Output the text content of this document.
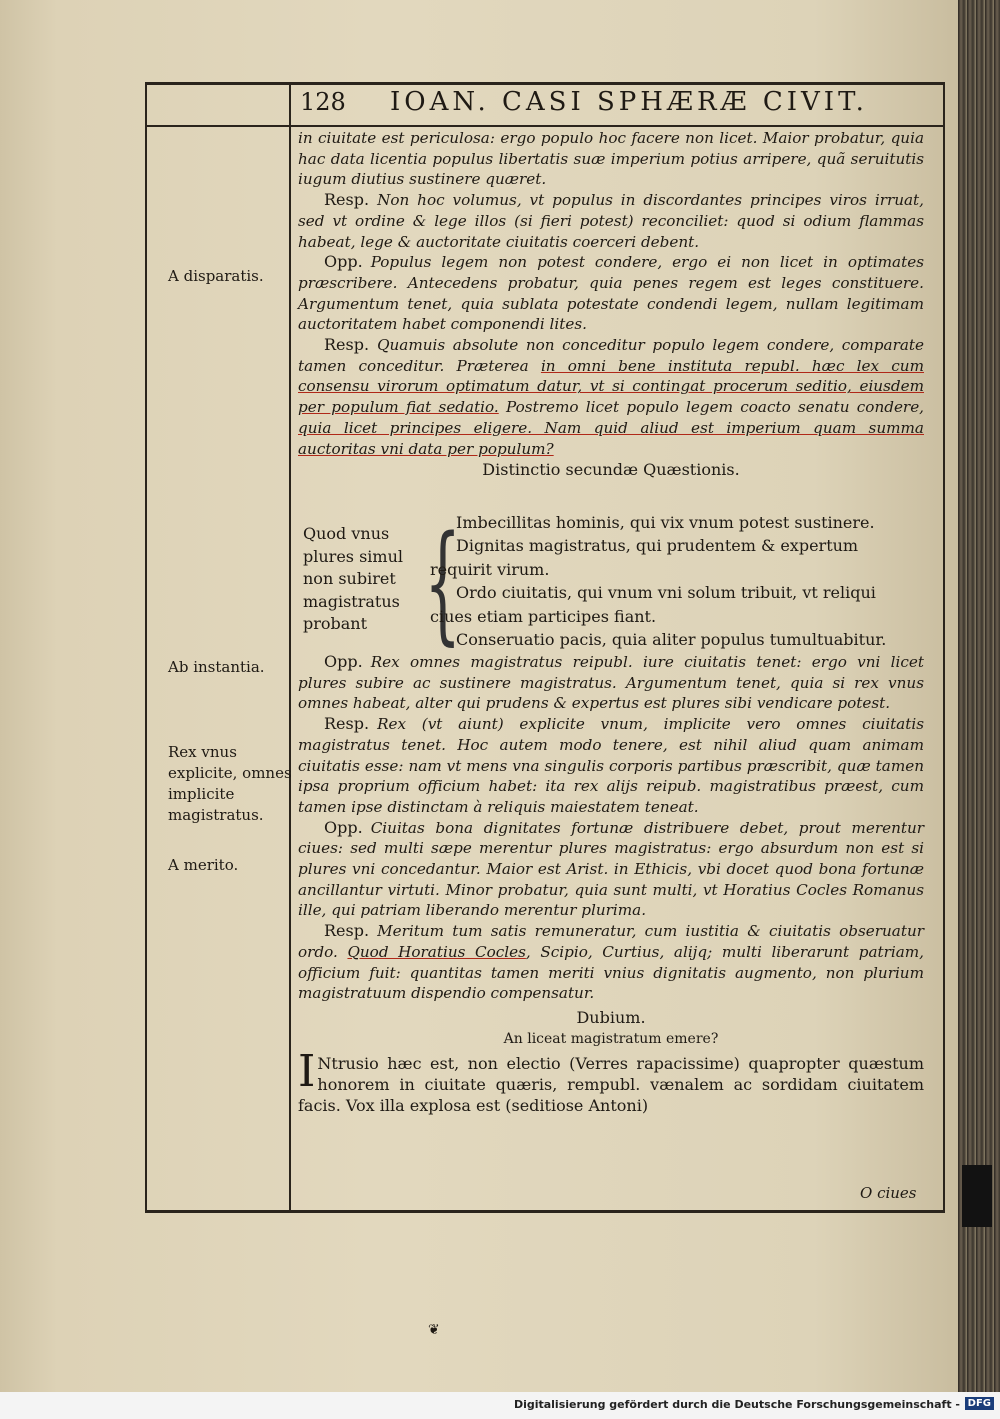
128 IOAN. CASI SPHÆRÆ CIVIT.
A disparatis.
Ab instantia.
Rex vnus explicite, omnes implicite magistratus.
A merito.

in ciuitate est periculosa: ergo populo hoc facere non licet. Maior probatur, quia hac data licentia populus libertatis suæ imperium potius arripere, quã seruitutis iugum diutius sustinere quæret.

Resp. Non hoc volumus, vt populus in discordantes principes viros irruat, sed vt ordine & lege illos (si fieri potest) reconciliet: quod si odium flammas habeat, lege & auctoritate ciuitatis coerceri debent.

Opp. Populus legem non potest condere, ergo ei non licet in optimates præscribere. Antecedens probatur, quia penes regem est leges constituere. Argumentum tenet, quia sublata potestate condendi legem, nullam legitimam auctoritatem habet componendi lites.

Resp. Quamuis absolute non conceditur populo legem condere, comparate tamen conceditur. Præterea in omni bene instituta republ. hæc lex cum consensu virorum optimatum datur, vt si contingat procerum seditio, eiusdem per populum fiat sedatio. Postremo licet populo legem coacto senatu condere, quia licet principes eligere. Nam quid aliud est imperium quam summa auctoritas vni data per populum?

Distinctio secundæ Quæstionis.

Quod vnus plures simul non subiret magistratus probant {

Imbecillitas hominis, qui vix vnum potest sustinere.

Dignitas magistratus, qui prudentem & expertum requirit virum.

Ordo ciuitatis, qui vnum vni solum tribuit, vt reliqui ciues etiam participes fiant.

Conseruatio pacis, quia aliter populus tumultuabitur.

Opp. Rex omnes magistratus reipubl. iure ciuitatis tenet: ergo vni licet plures subire ac sustinere magistratus. Argumentum tenet, quia si rex vnus omnes habeat, alter qui prudens & expertus est plures sibi vendicare potest.

Resp. Rex (vt aiunt) explicite vnum, implicite vero omnes ciuitatis magistratus tenet. Hoc autem modo tenere, est nihil aliud quam animam ciuitatis esse: nam vt mens vna singulis corporis partibus præscribit, quæ tamen ipsa proprium officium habet: ita rex alijs reipub. magistratibus præest, cum tamen ipse distinctam à reliquis maiestatem teneat.

Opp. Ciuitas bona dignitates fortunæ distribuere debet, prout merentur ciues: sed multi sæpe merentur plures magistratus: ergo absurdum non est si plures vni concedantur. Maior est Arist. in Ethicis, vbi docet quod bona fortunæ ancillantur virtuti. Minor probatur, quia sunt multi, vt Horatius Cocles Romanus ille, qui patriam liberando merentur plurima.

Resp. Meritum tum satis remuneratur, cum iustitia & ciuitatis obseruatur ordo. Quod Horatius Cocles, Scipio, Curtius, alijq; multi liberarunt patriam, officium fuit: quantitas tamen meriti vnius dignitatis augmento, non plurium magistratuum dispendio compensatur.

Dubium.

An liceat magistratum emere?

I Ntrusio hæc est, non electio (Verres rapacissime) quapropter quæstum honorem in ciuitate quæris, rempubl. vænalem ac sordidam ciuitatem facis. Vox illa explosa est (seditiose Antoni)

O ciues
❦
Digitalisierung gefördert durch die Deutsche Forschungsgemeinschaft - DFG
